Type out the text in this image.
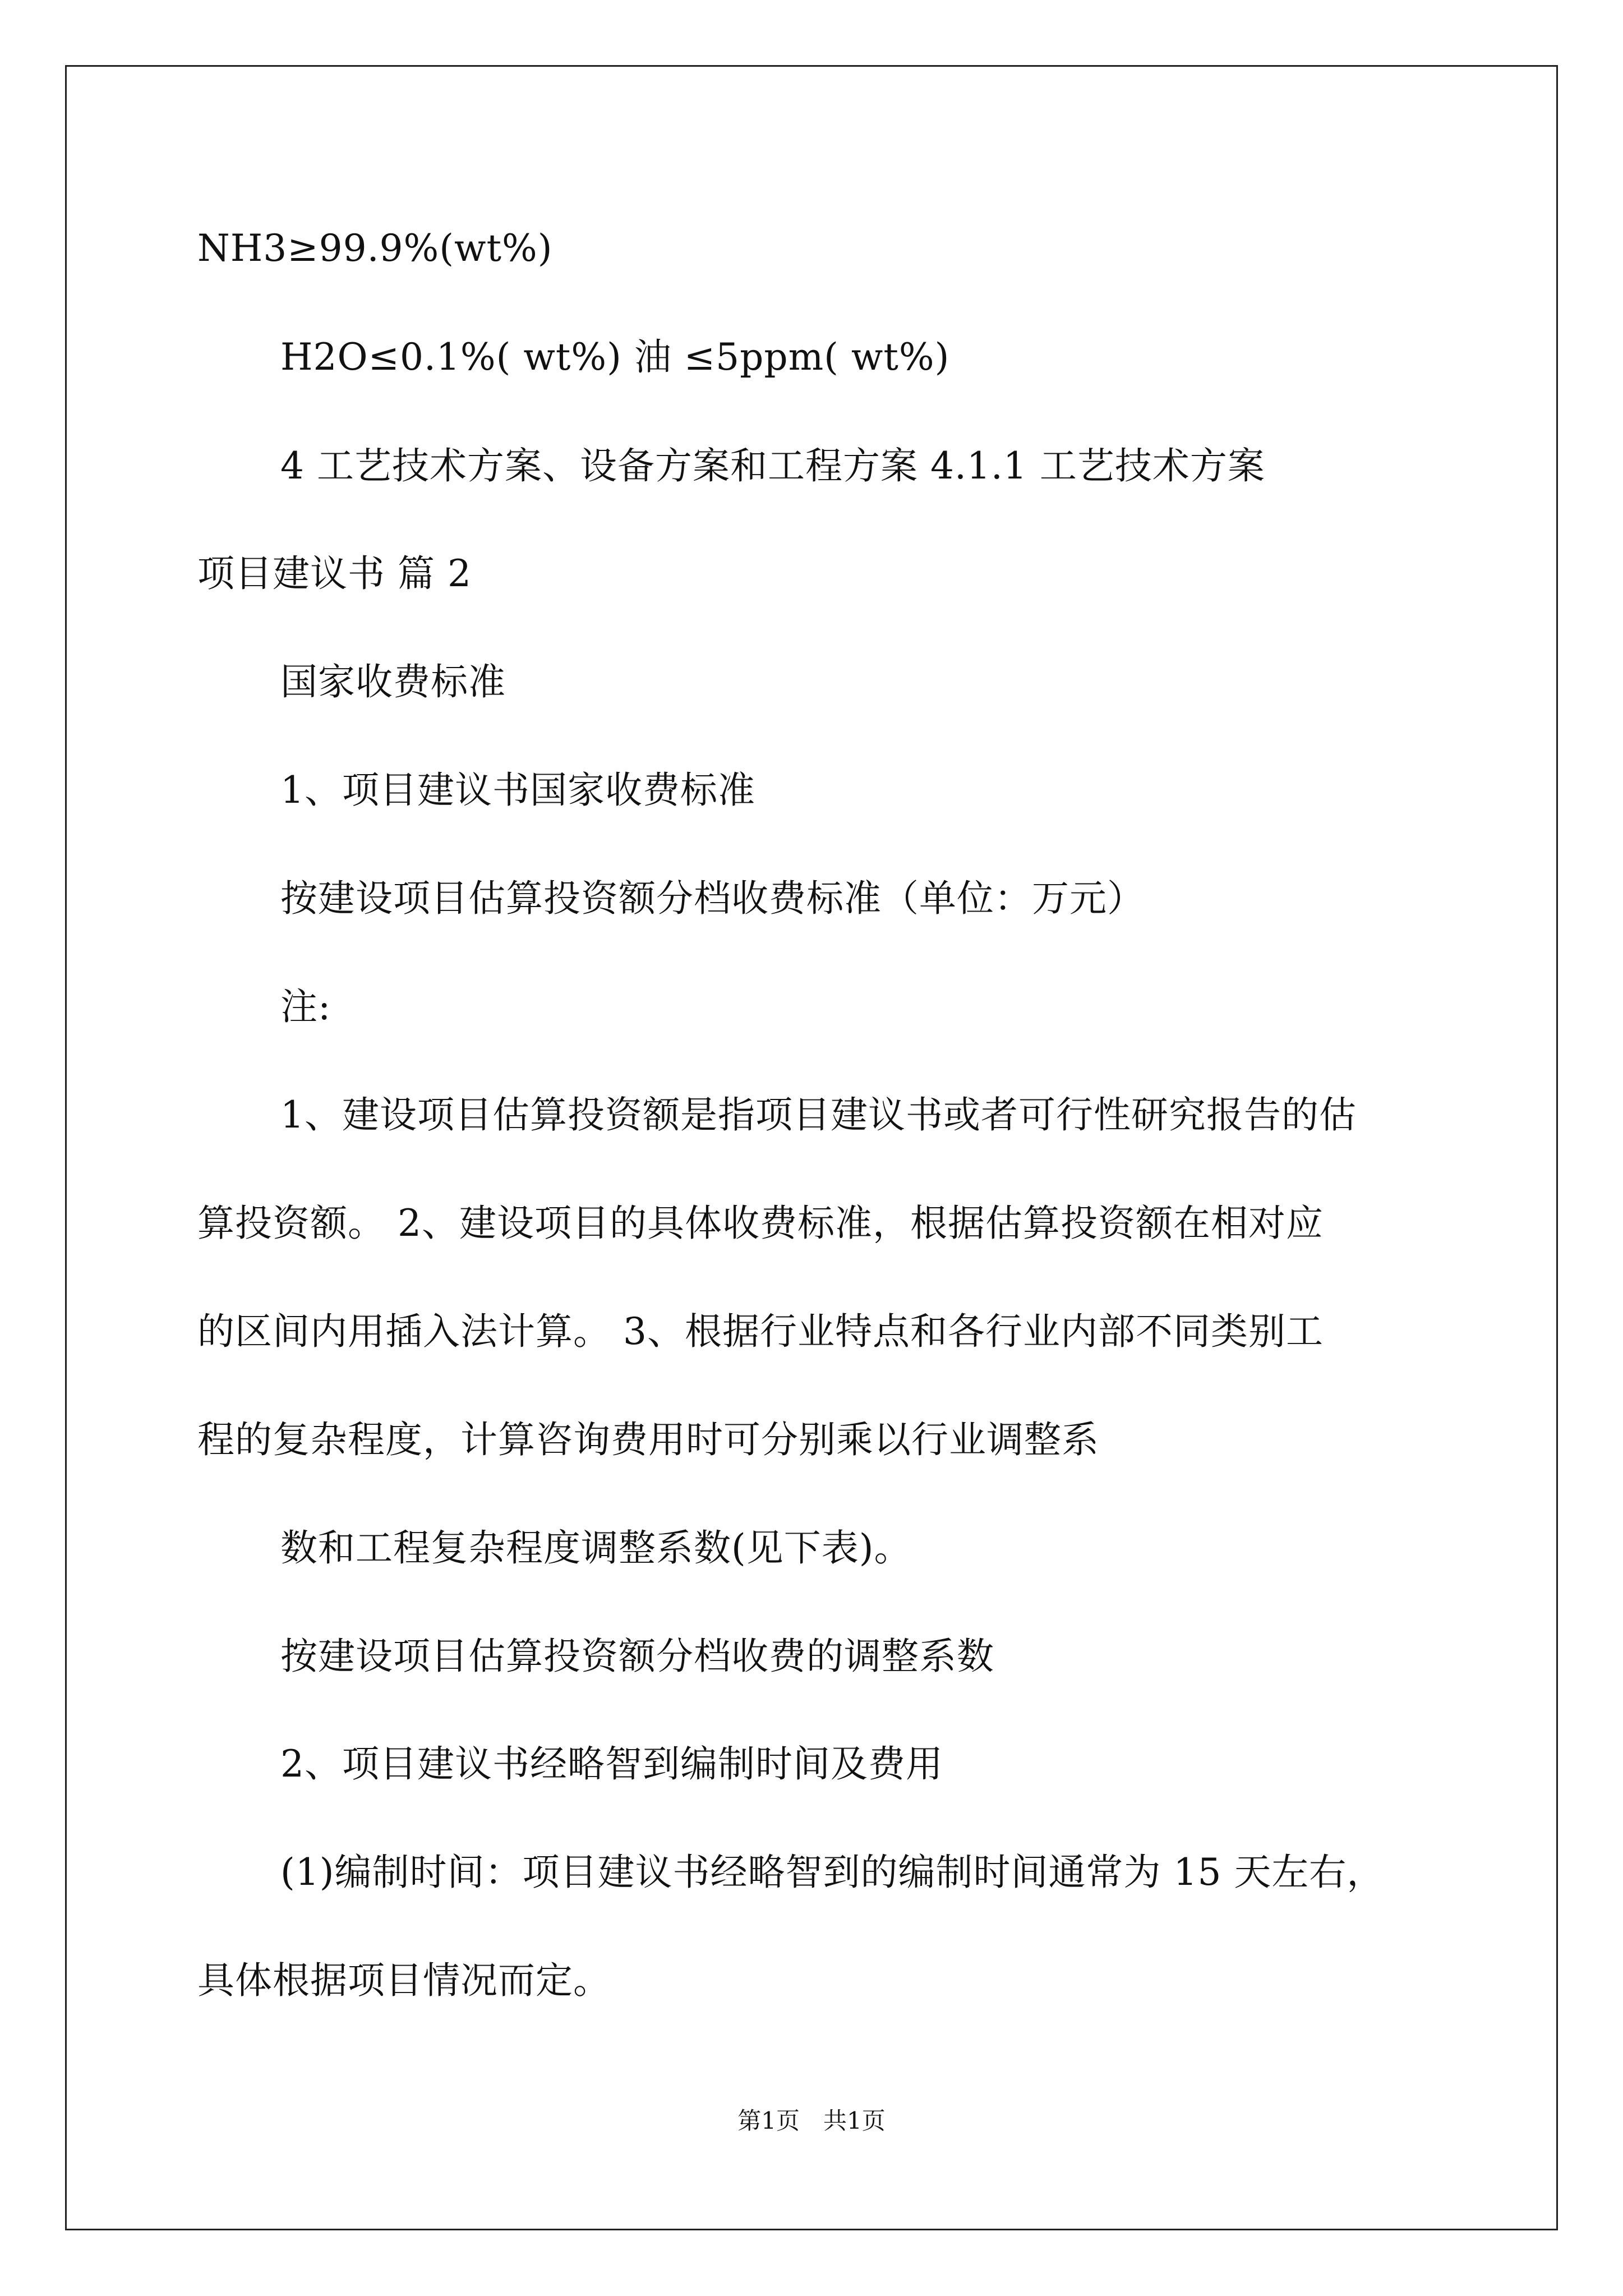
NH3≥99.9%(wt%)
H2O≤0.1%( wt%) 油 ≤5ppm( wt%)
4 工艺技术方案、设备方案和工程方案 4.1.1 工艺技术方案
项目建议书 篇 2
国家收费标准
1、项目建议书国家收费标准
按建设项目估算投资额分档收费标准（单位：万元）
注:
1、建设项目估算投资额是指项目建议书或者可行性研究报告的估
算投资额。 2、建设项目的具体收费标准，根据估算投资额在相对应
的区间内用插入法计算。 3、根据行业特点和各行业内部不同类别工
程的复杂程度，计算咨询费用时可分别乘以行业调整系
数和工程复杂程度调整系数(见下表)。
按建设项目估算投资额分档收费的调整系数
2、项目建议书经略智到编制时间及费用
(1)编制时间：项目建议书经略智到的编制时间通常为 15 天左右，
具体根据项目情况而定。
第1页　共1页
